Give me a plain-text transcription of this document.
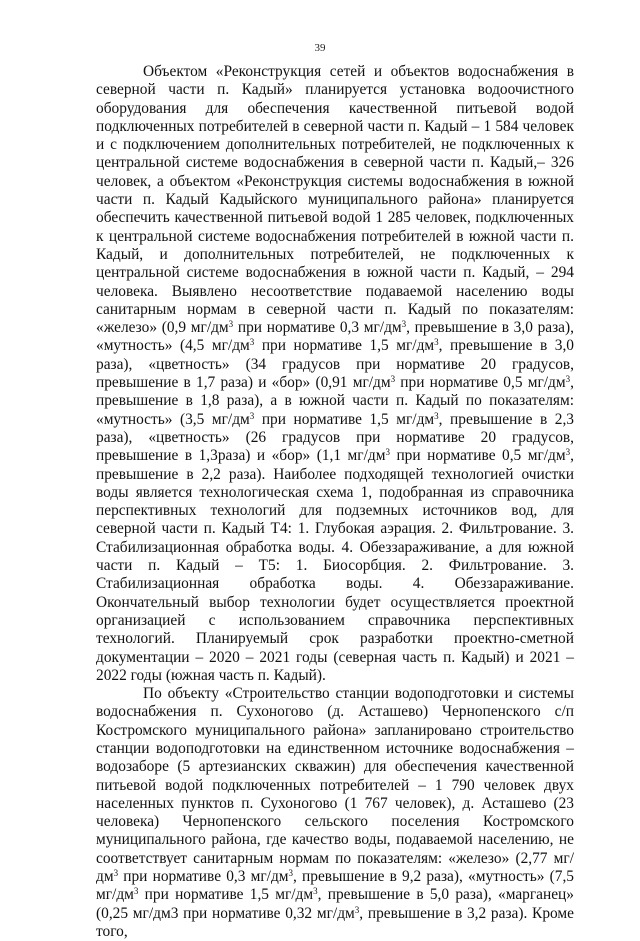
39

Объектом «Реконструкция сетей и объектов водоснабжения в северной части п. Кадый» планируется установка водоочистного оборудования для обеспечения качественной питьевой водой подключенных потребителей в северной части п. Кадый – 1 584 человек и с подключением дополнительных потребителей, не подключенных к центральной системе водоснабжения в северной части п. Кадый,– 326 человек, а объектом «Реконструкция системы водоснабжения в южной части п. Кадый Кадыйского муниципального района» планируется обеспечить качественной питьевой водой 1 285 человек, подключенных к центральной системе водоснабжения потребителей в южной части п. Кадый, и дополнительных потребителей, не подключенных к центральной системе водоснабжения в южной части п. Кадый, – 294 человека. Выявлено несоответствие подаваемой населению воды санитарным нормам в северной части п. Кадый по показателям: «железо» (0,9 $мг/дм^3$ при нормативе 0,3 $мг/дм^3$, превышение в 3,0 раза), «мутность» (4,5 $мг/дм^3$ при нормативе 1,5 $мг/дм^3$, превышение в 3,0 раза), «цветность» (34 градусов при нормативе 20 градусов, превышение в 1,7 раза) и «бор» (0,91 $мг/дм^3$ при нормативе 0,5 $мг/дм^3$, превышение в 1,8 раза), а в южной части п. Кадый по показателям: «мутность» (3,5 $мг/дм^3$ при нормативе 1,5 $мг/дм^3$, превышение в 2,3 раза), «цветность» (26 градусов при нормативе 20 градусов, превышение в 1,3раза) и «бор» (1,1 $мг/дм^3$ при нормативе 0,5 $мг/дм^3$, превышение в 2,2 раза). Наиболее подходящей технологией очистки воды является технологическая схема 1, подобранная из справочника перспективных технологий для подземных источников вод, для северной части п. Кадый Т4: 1. Глубокая аэрация. 2. Фильтрование. 3. Стабилизационная обработка воды. 4. Обеззараживание, а для южной части п. Кадый – Т5: 1. Биосорбция. 2. Фильтрование. 3. Стабилизационная обработка воды. 4. Обеззараживание. Окончательный выбор технологии будет осуществляется проектной организацией с использованием справочника перспективных технологий. Планируемый срок разработки проектно-сметной документации – 2020 – 2021 годы (северная часть п. Кадый) и 2021 – 2022 годы (южная часть п. Кадый).

По объекту «Строительство станции водоподготовки и системы водоснабжения п. Сухоногово (д. Асташево) Чернопенского с/п Костромского муниципального района» запланировано строительство станции водоподготовки на единственном источнике водоснабжения – водозаборе (5 артезианских скважин) для обеспечения качественной питьевой водой подключенных потребителей – 1 790 человек двух населенных пунктов п. Сухоногово (1 767 человек), д. Асташево (23 человека) Чернопенского сельского поселения Костромского муниципального района, где качество воды, подаваемой населению, не соответствует санитарным нормам по показателям: «железо» (2,77 $мг/дм^3$ при нормативе 0,3 $мг/дм^3$, превышение в 9,2 раза), «мутность» (7,5 $мг/дм^3$ при нормативе 1,5 $мг/дм^3$, превышение в 5,0 раза), «марганец» (0,25 мг/дм3 при нормативе 0,32 $мг/дм^3$, превышение в 3,2 раза). Кроме того,
